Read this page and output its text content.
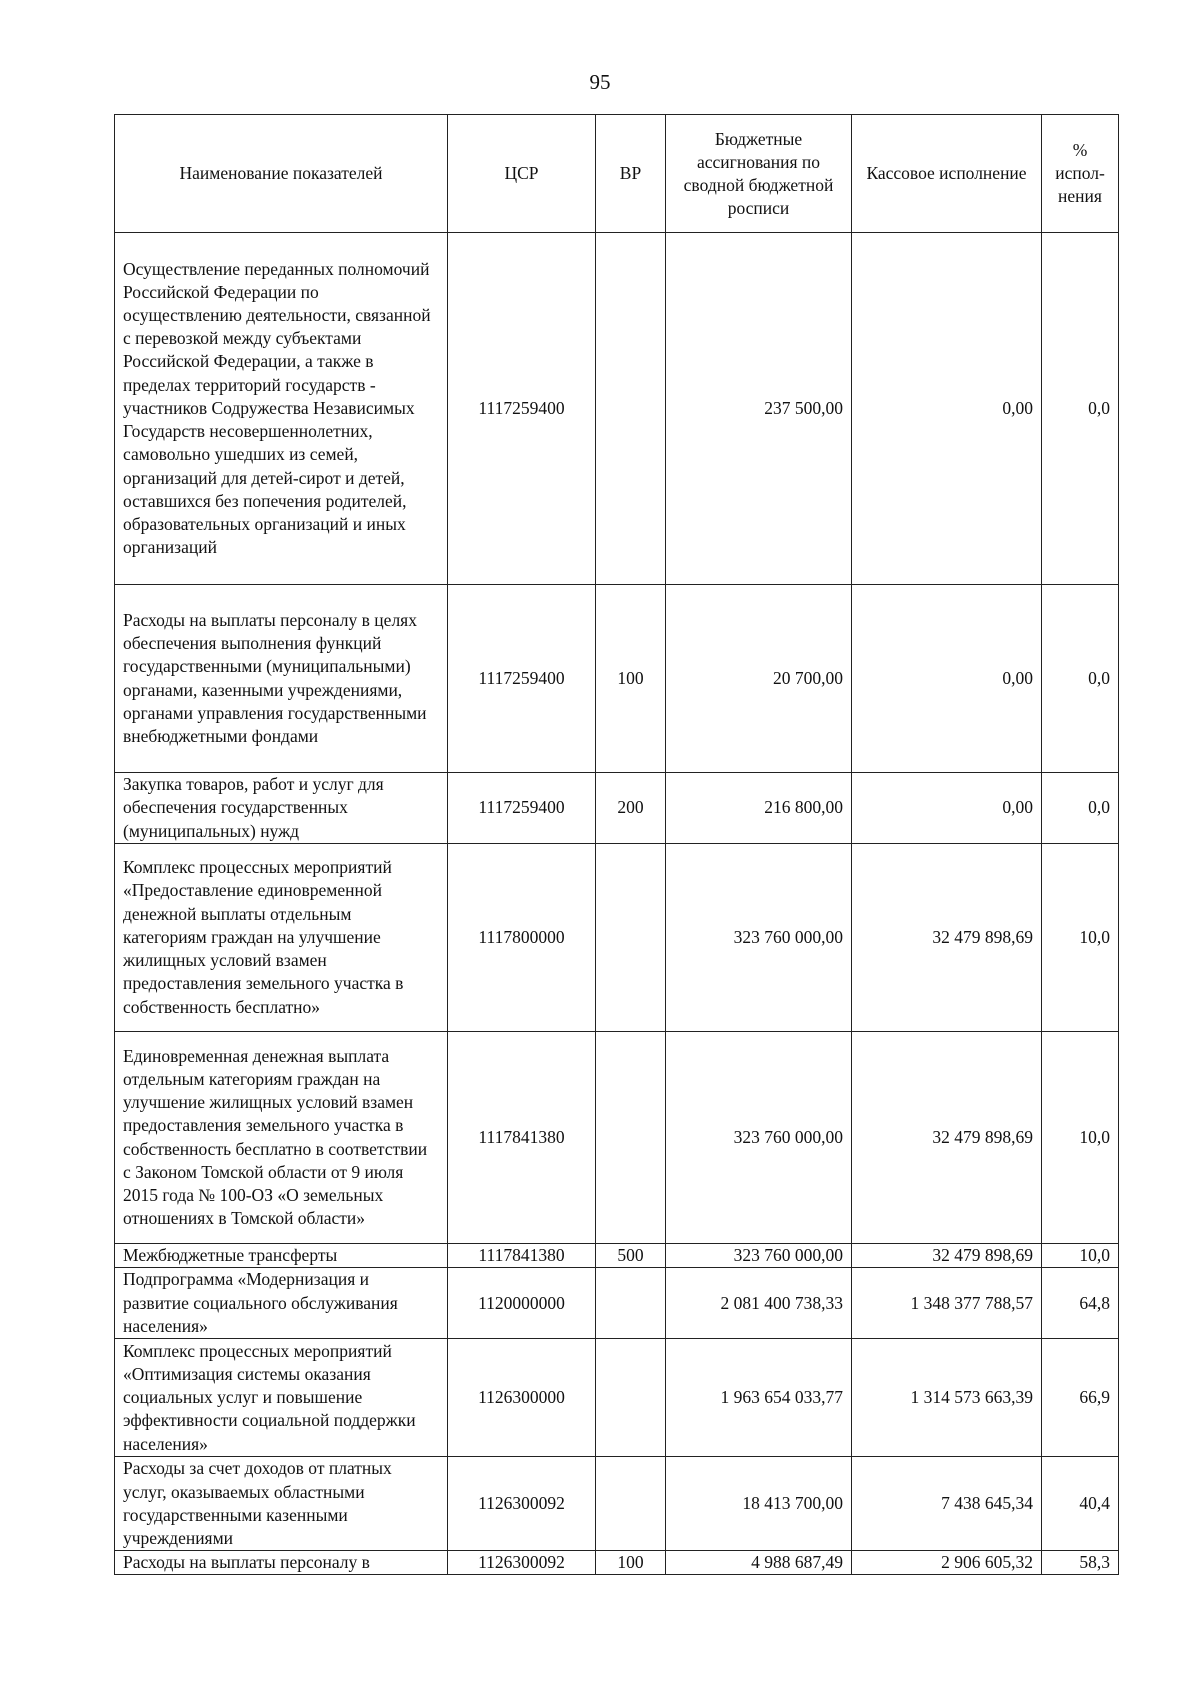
95
Наименование показателей	ЦСР	ВР	Бюджетные ассигнования по сводной бюджетной росписи	Кассовое исполнение	% испол-нения
Осуществление переданных полномочий Российской Федерации по осуществлению деятельности, связанной с перевозкой между субъектами Российской Федерации, а также в пределах территорий государств - участников Содружества Независимых Государств несовершеннолетних, самовольно ушедших из семей, организаций для детей-сирот и детей, оставшихся без попечения родителей, образовательных организаций и иных организаций	1117259400		237 500,00	0,00	0,0
Расходы на выплаты персоналу в целях обеспечения выполнения функций государственными (муниципальными) органами, казенными учреждениями, органами управления государственными внебюджетными фондами	1117259400	100	20 700,00	0,00	0,0
Закупка товаров, работ и услуг для обеспечения государственных (муниципальных) нужд	1117259400	200	216 800,00	0,00	0,0
Комплекс процессных мероприятий «Предоставление единовременной денежной выплаты отдельным категориям граждан на улучшение жилищных условий взамен предоставления земельного участка в собственность бесплатно»	1117800000		323 760 000,00	32 479 898,69	10,0
Единовременная денежная выплата отдельным категориям граждан на улучшение жилищных условий взамен предоставления земельного участка в собственность бесплатно в соответствии с Законом Томской области от 9 июля 2015 года № 100-ОЗ «О земельных отношениях в Томской области»	1117841380		323 760 000,00	32 479 898,69	10,0
Межбюджетные трансферты	1117841380	500	323 760 000,00	32 479 898,69	10,0
Подпрограмма «Модернизация и развитие социального обслуживания населения»	1120000000		2 081 400 738,33	1 348 377 788,57	64,8
Комплекс процессных мероприятий «Оптимизация системы оказания социальных услуг и повышение эффективности социальной поддержки населения»	1126300000		1 963 654 033,77	1 314 573 663,39	66,9
Расходы за счет доходов от платных услуг, оказываемых областными государственными казенными учреждениями	1126300092		18 413 700,00	7 438 645,34	40,4
Расходы на выплаты персоналу в	1126300092	100	4 988 687,49	2 906 605,32	58,3
